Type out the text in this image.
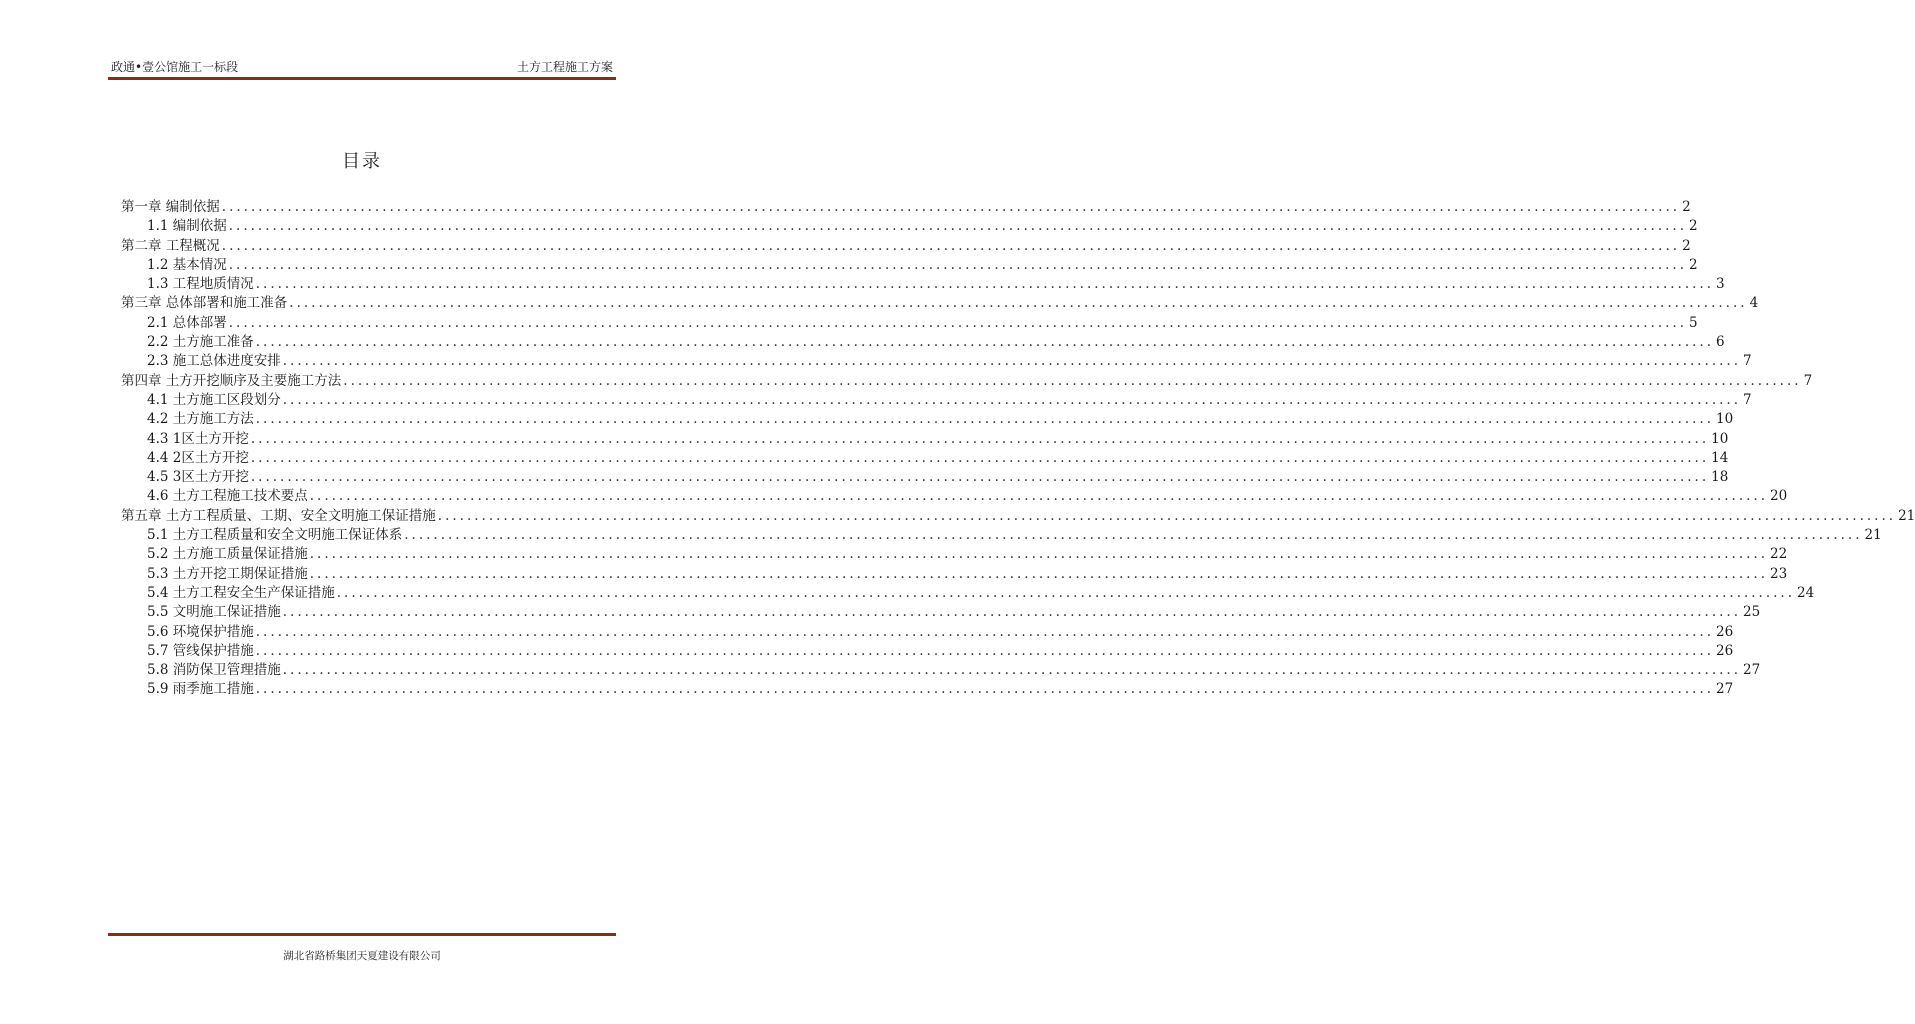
政通•壹公馆施工一标段	土方工程施工方案
目录
第一章 编制依据 ........................................................................................................................................................................................................ 2
1.1 编制依据 ........................................................................................................................................................................................................ 2
第二章 工程概况 ........................................................................................................................................................................................................ 2
1.2 基本情况 ........................................................................................................................................................................................................ 2
1.3 工程地质情况 ........................................................................................................................................................................................................ 3
第三章 总体部署和施工准备 ........................................................................................................................................................................................................ 4
2.1 总体部署 ........................................................................................................................................................................................................ 5
2.2 土方施工准备 ........................................................................................................................................................................................................ 6
2.3 施工总体进度安排 ........................................................................................................................................................................................................ 7
第四章 土方开挖顺序及主要施工方法 ........................................................................................................................................................................................................ 7
4.1 土方施工区段划分 ........................................................................................................................................................................................................ 7
4.2 土方施工方法 ........................................................................................................................................................................................................ 10
4.3 1区土方开挖 ........................................................................................................................................................................................................ 10
4.4 2区土方开挖 ........................................................................................................................................................................................................ 14
4.5 3区土方开挖 ........................................................................................................................................................................................................ 18
4.6 土方工程施工技术要点 ........................................................................................................................................................................................................ 20
第五章 土方工程质量、工期、安全文明施工保证措施 ........................................................................................................................................................................................................ 21
5.1 土方工程质量和安全文明施工保证体系 ........................................................................................................................................................................................................ 21
5.2 土方施工质量保证措施 ........................................................................................................................................................................................................ 22
5.3 土方开挖工期保证措施 ........................................................................................................................................................................................................ 23
5.4 土方工程安全生产保证措施 ........................................................................................................................................................................................................ 24
5.5 文明施工保证措施 ........................................................................................................................................................................................................ 25
5.6 环境保护措施 ........................................................................................................................................................................................................ 26
5.7 管线保护措施 ........................................................................................................................................................................................................ 26
5.8 消防保卫管理措施 ........................................................................................................................................................................................................ 27
5.9 雨季施工措施 ........................................................................................................................................................................................................ 27
湖北省路桥集团天夏建设有限公司
